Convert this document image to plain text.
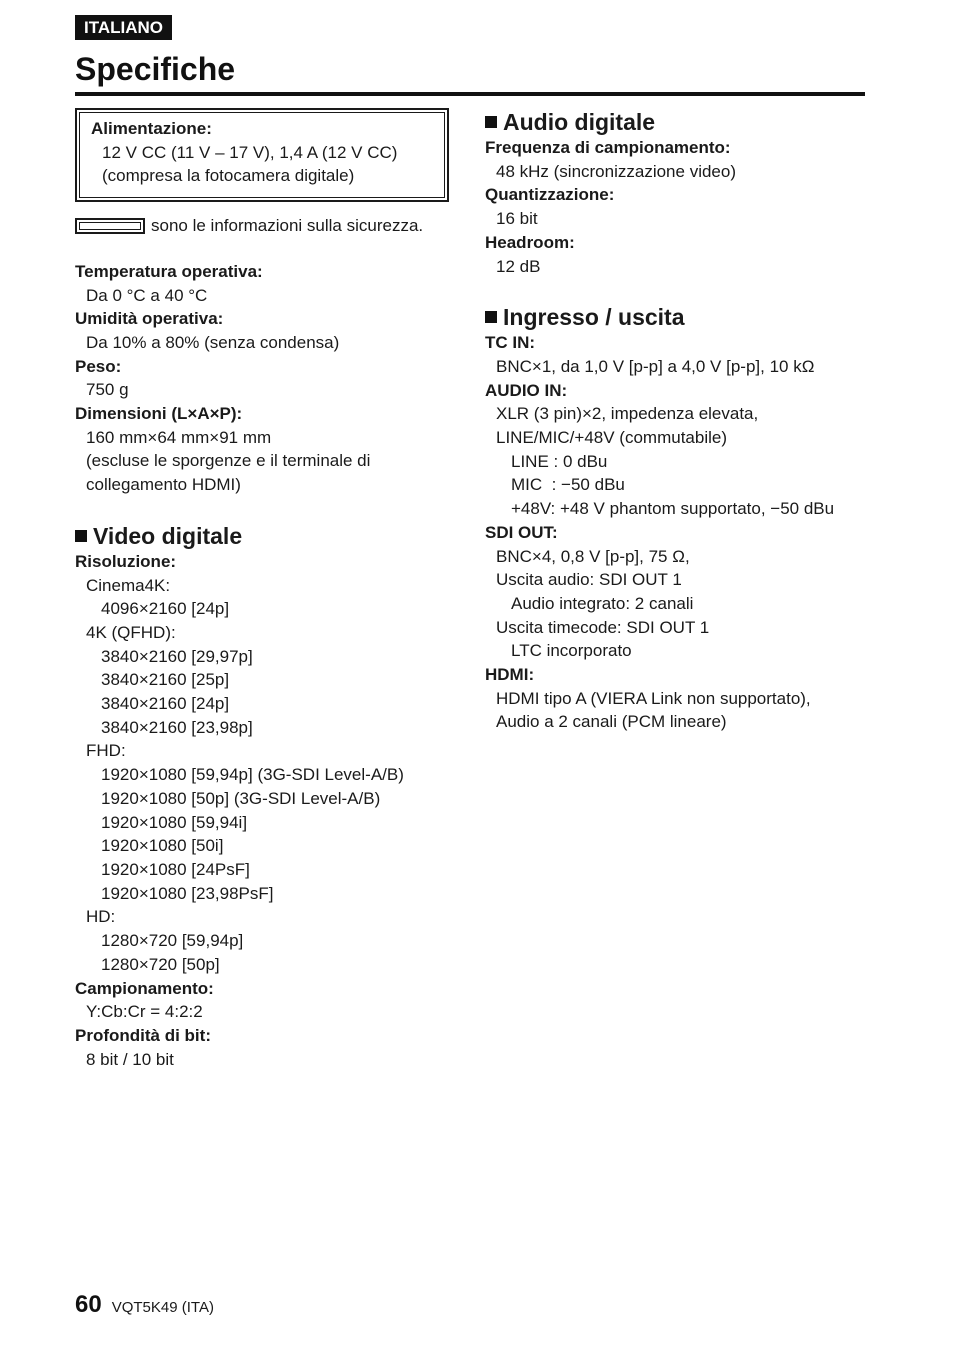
ITALIANO
Specifiche
Alimentazione:
12 V CC (11 V – 17 V), 1,4 A (12 V CC)
(compresa la fotocamera digitale)
sono le informazioni sulla sicurezza.
Temperatura operativa:
Da 0 °C a 40 °C
Umidità operativa:
Da 10% a 80% (senza condensa)
Peso:
750 g
Dimensioni (L×A×P):
160 mm×64 mm×91 mm
(escluse le sporgenze e il terminale di
collegamento HDMI)
Video digitale
Risoluzione:
Cinema4K:
4096×2160 [24p]
4K (QFHD):
3840×2160 [29,97p]
3840×2160 [25p]
3840×2160 [24p]
3840×2160 [23,98p]
FHD:
1920×1080 [59,94p] (3G-SDI Level-A/B)
1920×1080 [50p] (3G-SDI Level-A/B)
1920×1080 [59,94i]
1920×1080 [50i]
1920×1080 [24PsF]
1920×1080 [23,98PsF]
HD:
1280×720 [59,94p]
1280×720 [50p]
Campionamento:
Y:Cb:Cr = 4:2:2
Profondità di bit:
8 bit / 10 bit
Audio digitale
Frequenza di campionamento:
48 kHz (sincronizzazione video)
Quantizzazione:
16 bit
Headroom:
12 dB
Ingresso / uscita
TC IN:
BNC×1, da 1,0 V [p-p] a 4,0 V [p-p], 10 kΩ
AUDIO IN:
XLR (3 pin)×2, impedenza elevata,
LINE/MIC/+48V (commutabile)
LINE : 0 dBu
MIC  : −50 dBu
+48V: +48 V phantom supportato, −50 dBu
SDI OUT:
BNC×4, 0,8 V [p-p], 75 Ω,
Uscita audio: SDI OUT 1
Audio integrato: 2 canali
Uscita timecode: SDI OUT 1
LTC incorporato
HDMI:
HDMI tipo A (VIERA Link non supportato),
Audio a 2 canali (PCM lineare)
60 VQT5K49 (ITA)
